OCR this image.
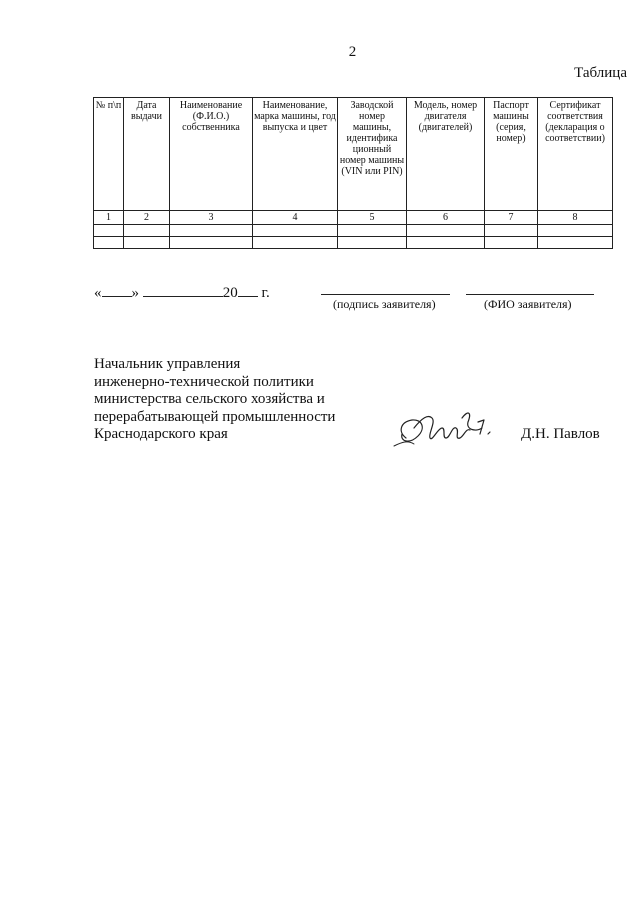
2
Таблица
№ п\п	Дата выдачи	Наименование (Ф.И.О.) собственника	Наименование, марка машины, год выпуска и цвет	Заводской номер машины, идентифика ционный номер машины (VIN или PIN)	Модель, номер двигателя (двигателей)	Паспорт машины (серия, номер)	Сертификат соответствия (декларация о соответствии)
1	2	3	4	5	6	7	8

« »	20 г.
(подпись заявителя)	(ФИО заявителя)
Начальник управления
инженерно-технической политики
министерства сельского хозяйства и
перерабатывающей промышленности
Краснодарского края	Д.Н. Павлов
